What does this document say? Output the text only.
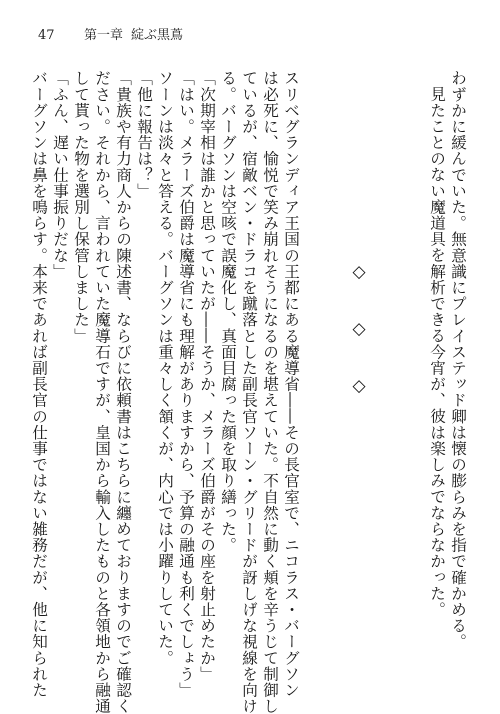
47 第一章 綻ぶ黒蔦
わずかに緩んでいた。無意識にプレイステッド卿は懐の膨らみを指で確かめる。
見たことのない魔道具を解析できる今宵が、彼は楽しみでならなかった。
◇　◇　◇
スリベグランディア王国の王都にある魔導省――その長官室で、ニコラス・バーグソン
は必死に、愉悦で笑み崩れそうになるのを堪えていた。不自然に動く頬を辛うじて制御し
ているが、宿敵ベン・ドラコを蹴落とした副長官ソーン・グリードが訝しげな視線を向け
る。バーグソンは空咳で誤魔化し、真面目腐った顔を取り繕った。
「次期宰相は誰かと思っていたが――そうか、メラーズ伯爵がその座を射止めたか」
「はい。メラーズ伯爵は魔導省にも理解がありますから、予算の融通も利くでしょう」
ソーンは淡々と答える。バーグソンは重々しく頷くが、内心では小躍りしていた。
「他に報告は？」
「貴族や有力商人からの陳述書、ならびに依頼書はこちらに纏めておりますのでご確認く
ださい。それから、言われていた魔導石ですが、皇国から輸入したものと各領地から融通
して貰った物を選別し保管しました」
「ふん、遅い仕事振りだな」
バーグソンは鼻を鳴らす。本来であれば副長官の仕事ではない雑務だが、他に知られた
